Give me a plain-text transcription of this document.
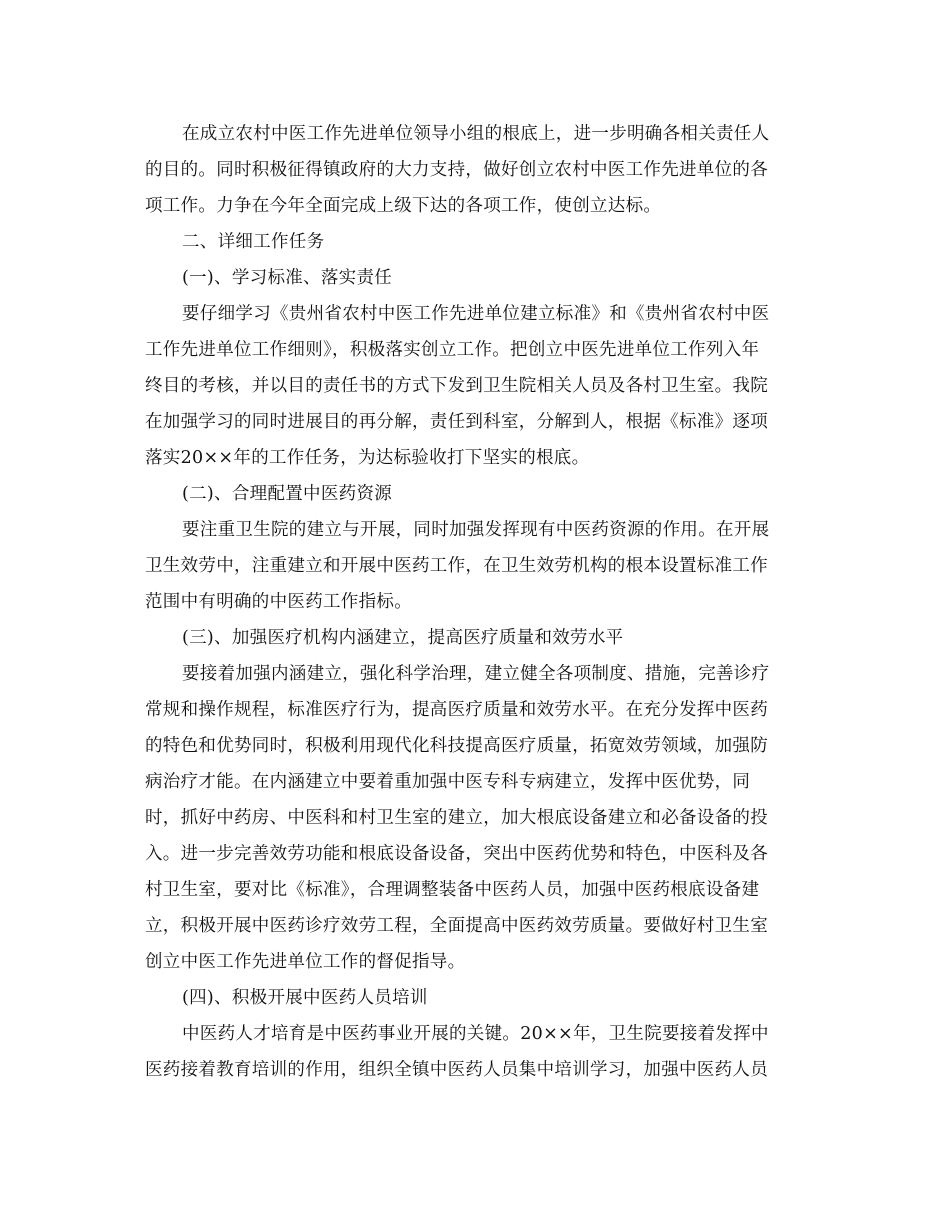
在成立农村中医工作先进单位领导小组的根底上，进一步明确各相关责任人
的目的。同时积极征得镇政府的大力支持，做好创立农村中医工作先进单位的各
项工作。力争在今年全面完成上级下达的各项工作，使创立达标。
二、详细工作任务
(一)、学习标准、落实责任
要仔细学习《贵州省农村中医工作先进单位建立标准》和《贵州省农村中医
工作先进单位工作细则》，积极落实创立工作。把创立中医先进单位工作列入年
终目的考核，并以目的责任书的方式下发到卫生院相关人员及各村卫生室。我院
在加强学习的同时进展目的再分解，责任到科室，分解到人，根据《标准》逐项
落实20××年的工作任务，为达标验收打下坚实的根底。
(二)、合理配置中医药资源
要注重卫生院的建立与开展，同时加强发挥现有中医药资源的作用。在开展
卫生效劳中，注重建立和开展中医药工作，在卫生效劳机构的根本设置标准工作
范围中有明确的中医药工作指标。
(三)、加强医疗机构内涵建立，提高医疗质量和效劳水平
要接着加强内涵建立，强化科学治理，建立健全各项制度、措施，完善诊疗
常规和操作规程，标准医疗行为，提高医疗质量和效劳水平。在充分发挥中医药
的特色和优势同时，积极利用现代化科技提高医疗质量，拓宽效劳领域，加强防
病治疗才能。在内涵建立中要着重加强中医专科专病建立，发挥中医优势，同
时，抓好中药房、中医科和村卫生室的建立，加大根底设备建立和必备设备的投
入。进一步完善效劳功能和根底设备设备，突出中医药优势和特色，中医科及各
村卫生室，要对比《标准》，合理调整装备中医药人员，加强中医药根底设备建
立，积极开展中医药诊疗效劳工程，全面提高中医药效劳质量。要做好村卫生室
创立中医工作先进单位工作的督促指导。
(四)、积极开展中医药人员培训
中医药人才培育是中医药事业开展的关键。20××年，卫生院要接着发挥中
医药接着教育培训的作用，组织全镇中医药人员集中培训学习，加强中医药人员
